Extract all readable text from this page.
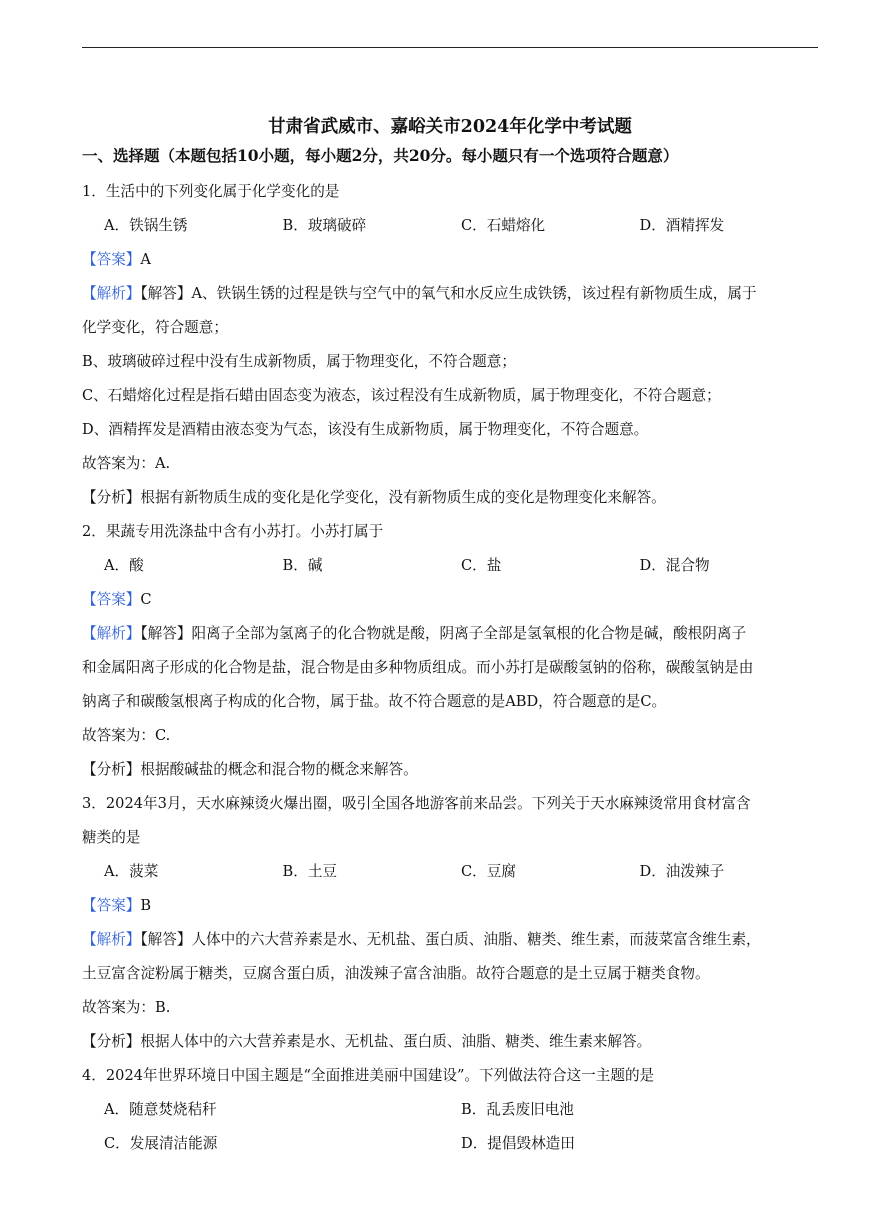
甘肃省武威市、嘉峪关市2024年化学中考试题
一、选择题（本题包括10小题，每小题2分，共20分。每小题只有一个选项符合题意）

1．生活中的下列变化属于化学变化的是

A．铁锅生锈	B．玻璃破碎	C．石蜡熔化	D．酒精挥发

【答案】A

【解析】【解答】A、铁锅生锈的过程是铁与空气中的氧气和水反应生成铁锈，该过程有新物质生成，属于

化学变化，符合题意；

B、玻璃破碎过程中没有生成新物质，属于物理变化，不符合题意；

C、石蜡熔化过程是指石蜡由固态变为液态，该过程没有生成新物质，属于物理变化，不符合题意；

D、酒精挥发是酒精由液态变为气态，该没有生成新物质，属于物理变化，不符合题意。

故答案为：A.

【分析】根据有新物质生成的变化是化学变化，没有新物质生成的变化是物理变化来解答。

2．果蔬专用洗涤盐中含有小苏打。小苏打属于

A．酸	B．碱	C．盐	D．混合物

【答案】C

【解析】【解答】阳离子全部为氢离子的化合物就是酸，阴离子全部是氢氧根的化合物是碱，酸根阴离子

和金属阳离子形成的化合物是盐，混合物是由多种物质组成。而小苏打是碳酸氢钠的俗称，碳酸氢钠是由

钠离子和碳酸氢根离子构成的化合物，属于盐。故不符合题意的是ABD，符合题意的是C。

故答案为：C.

【分析】根据酸碱盐的概念和混合物的概念来解答。

3．2024年3月，天水麻辣烫火爆出圈，吸引全国各地游客前来品尝。下列关于天水麻辣烫常用食材富含

糖类的是

A．菠菜	B．土豆	C．豆腐	D．油泼辣子

【答案】B

【解析】【解答】人体中的六大营养素是水、无机盐、蛋白质、油脂、糖类、维生素，而菠菜富含维生素，

土豆富含淀粉属于糖类，豆腐含蛋白质，油泼辣子富含油脂。故符合题意的是土豆属于糖类食物。

故答案为：B.

【分析】根据人体中的六大营养素是水、无机盐、蛋白质、油脂、糖类、维生素来解答。

4．2024年世界环境日中国主题是“全面推进美丽中国建设”。下列做法符合这一主题的是

A．随意焚烧秸秆	B．乱丢废旧电池
C．发展清洁能源	D．提倡毁林造田
